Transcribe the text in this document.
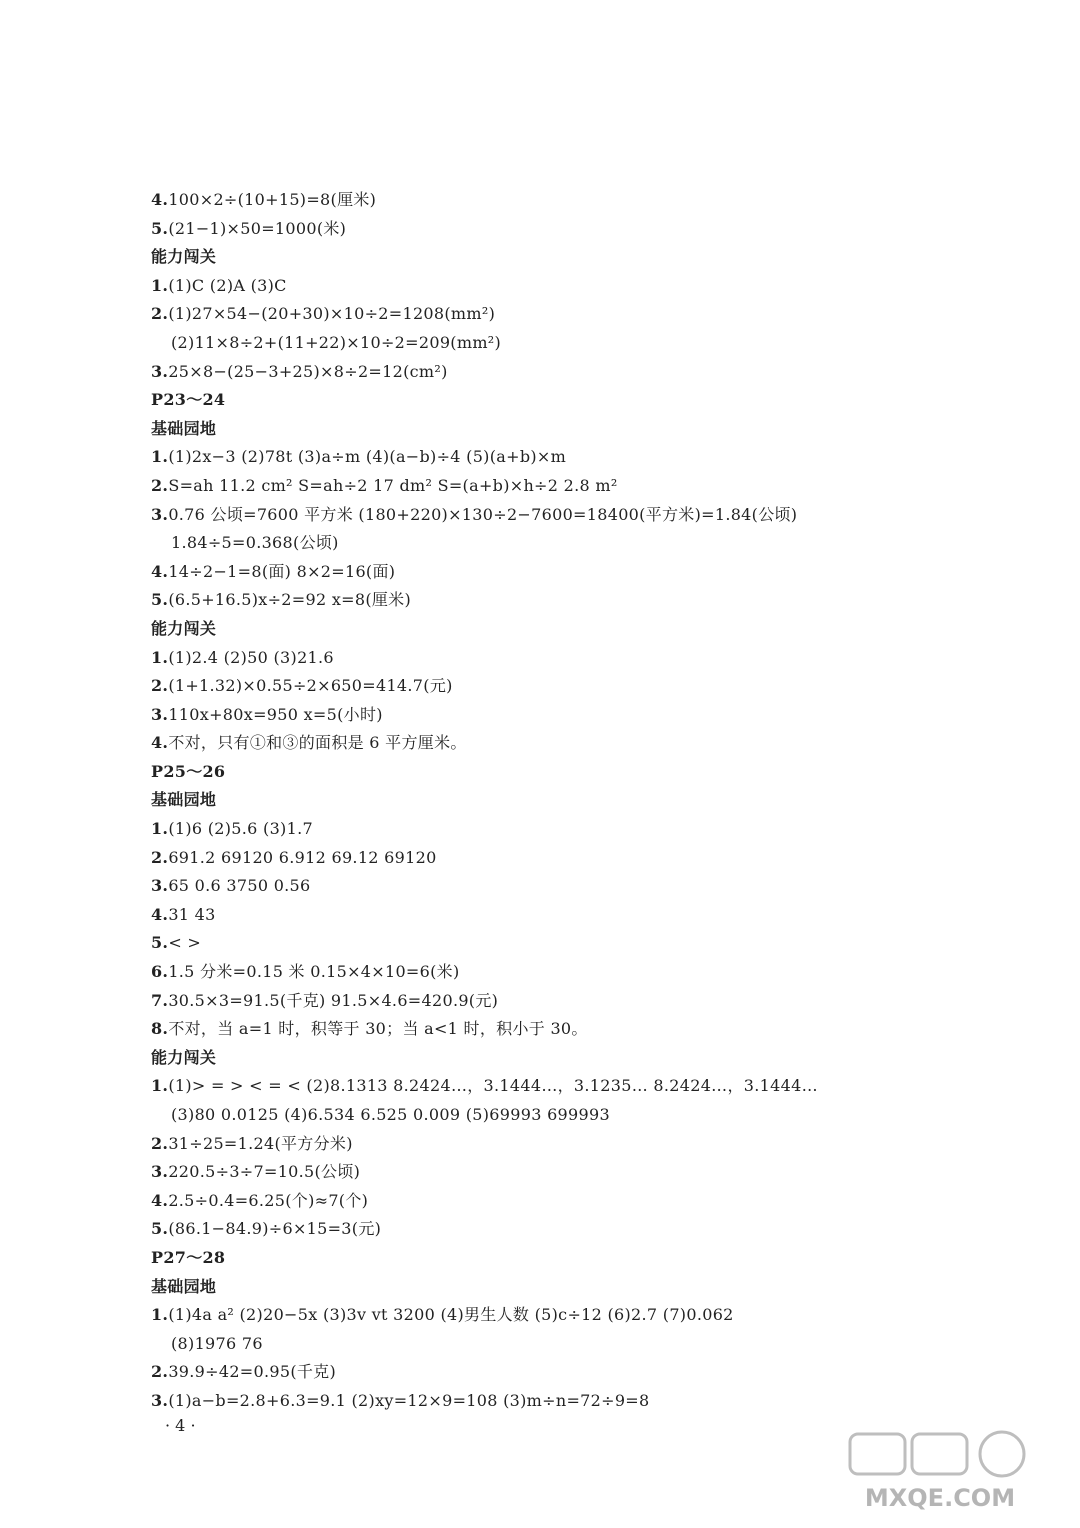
4.100×2÷(10+15)=8(厘米)
5.(21−1)×50=1000(米)
能力闯关
1.(1)C (2)A (3)C
2.(1)27×54−(20+30)×10÷2=1208(mm²)
(2)11×8÷2+(11+22)×10÷2=209(mm²)
3.25×8−(25−3+25)×8÷2=12(cm²)
P23～24
基础园地
1.(1)2x−3 (2)78t (3)a÷m (4)(a−b)÷4 (5)(a+b)×m
2.S=ah 11.2 cm² S=ah÷2 17 dm² S=(a+b)×h÷2 2.8 m²
3.0.76 公顷=7600 平方米 (180+220)×130÷2−7600=18400(平方米)=1.84(公顷)
1.84÷5=0.368(公顷)
4.14÷2−1=8(面) 8×2=16(面)
5.(6.5+16.5)x÷2=92 x=8(厘米)
能力闯关
1.(1)2.4 (2)50 (3)21.6
2.(1+1.32)×0.55÷2×650=414.7(元)
3.110x+80x=950 x=5(小时)
4.不对，只有①和③的面积是 6 平方厘米。
P25～26
基础园地
1.(1)6 (2)5.6 (3)1.7
2.691.2 69120 6.912 69.12 69120
3.65 0.6 3750 0.56
4.31 43
5.< >
6.1.5 分米=0.15 米 0.15×4×10=6(米)
7.30.5×3=91.5(千克) 91.5×4.6=420.9(元)
8.不对，当 a=1 时，积等于 30；当 a<1 时，积小于 30。
能力闯关
1.(1)> = > < = < (2)8.1313 8.2424…，3.1444…，3.1235… 8.2424…，3.1444…
(3)80 0.0125 (4)6.534 6.525 0.009 (5)69993 699993
2.31÷25=1.24(平方分米)
3.220.5÷3÷7=10.5(公顷)
4.2.5÷0.4=6.25(个)≈7(个)
5.(86.1−84.9)÷6×15=3(元)
P27～28
基础园地
1.(1)4a a² (2)20−5x (3)3v vt 3200 (4)男生人数 (5)c÷12 (6)2.7 (7)0.062
(8)1976 76
2.39.9÷42=0.95(千克)
3.(1)a−b=2.8+6.3=9.1 (2)xy=12×9=108 (3)m÷n=72÷9=8
· 4 ·
MXQE.COM
